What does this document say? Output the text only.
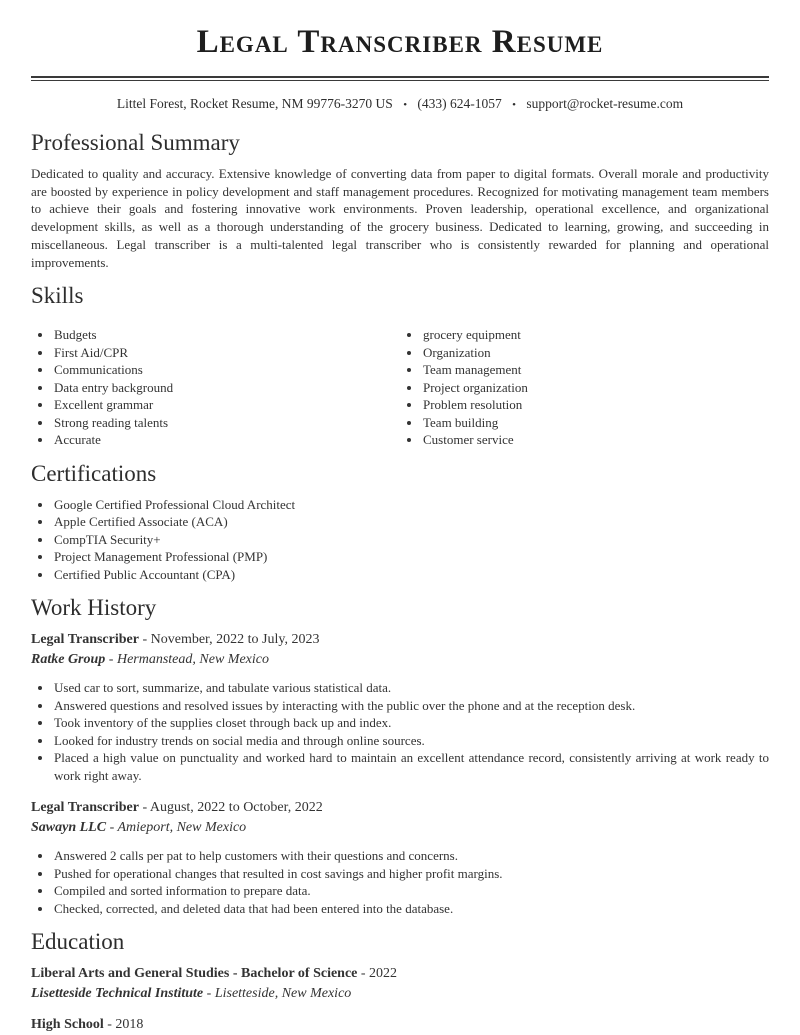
Legal Transcriber Resume
Littel Forest, Rocket Resume, NM 99776-3270 US • (433) 624-1057 • support@rocket-resume.com
Professional Summary

Dedicated to quality and accuracy. Extensive knowledge of converting data from paper to digital formats. Overall morale and productivity are boosted by experience in policy development and staff management procedures. Recognized for motivating management team members to achieve their goals and fostering innovative work environments. Proven leadership, operational excellence, and organizational development skills, as well as a thorough understanding of the grocery business. Dedicated to learning, growing, and succeeding in miscellaneous. Legal transcriber is a multi-talented legal transcriber who is consistently rewarded for planning and operational improvements.

Skills
• Budgets
• First Aid/CPR
• Communications
• Data entry background
• Excellent grammar
• Strong reading talents
• Accurate
• grocery equipment
• Organization
• Team management
• Project organization
• Problem resolution
• Team building
• Customer service
Certifications
• Google Certified Professional Cloud Architect
• Apple Certified Associate (ACA)
• CompTIA Security+
• Project Management Professional (PMP)
• Certified Public Accountant (CPA)
Work History

Legal Transcriber - November, 2022 to July, 2023

Ratke Group - Hermanstead, New Mexico

• Used car to sort, summarize, and tabulate various statistical data.
• Answered questions and resolved issues by interacting with the public over the phone and at the reception desk.
• Took inventory of the supplies closet through back up and index.
• Looked for industry trends on social media and through online sources.
• Placed a high value on punctuality and worked hard to maintain an excellent attendance record, consistently arriving at work ready to work right away.

Legal Transcriber - August, 2022 to October, 2022

Sawayn LLC - Amieport, New Mexico

• Answered 2 calls per pat to help customers with their questions and concerns.
• Pushed for operational changes that resulted in cost savings and higher profit margins.
• Compiled and sorted information to prepare data.
• Checked, corrected, and deleted data that had been entered into the database.
Education

Liberal Arts and General Studies - Bachelor of Science - 2022

Lisetteside Technical Institute - Lisetteside, New Mexico

High School - 2018
